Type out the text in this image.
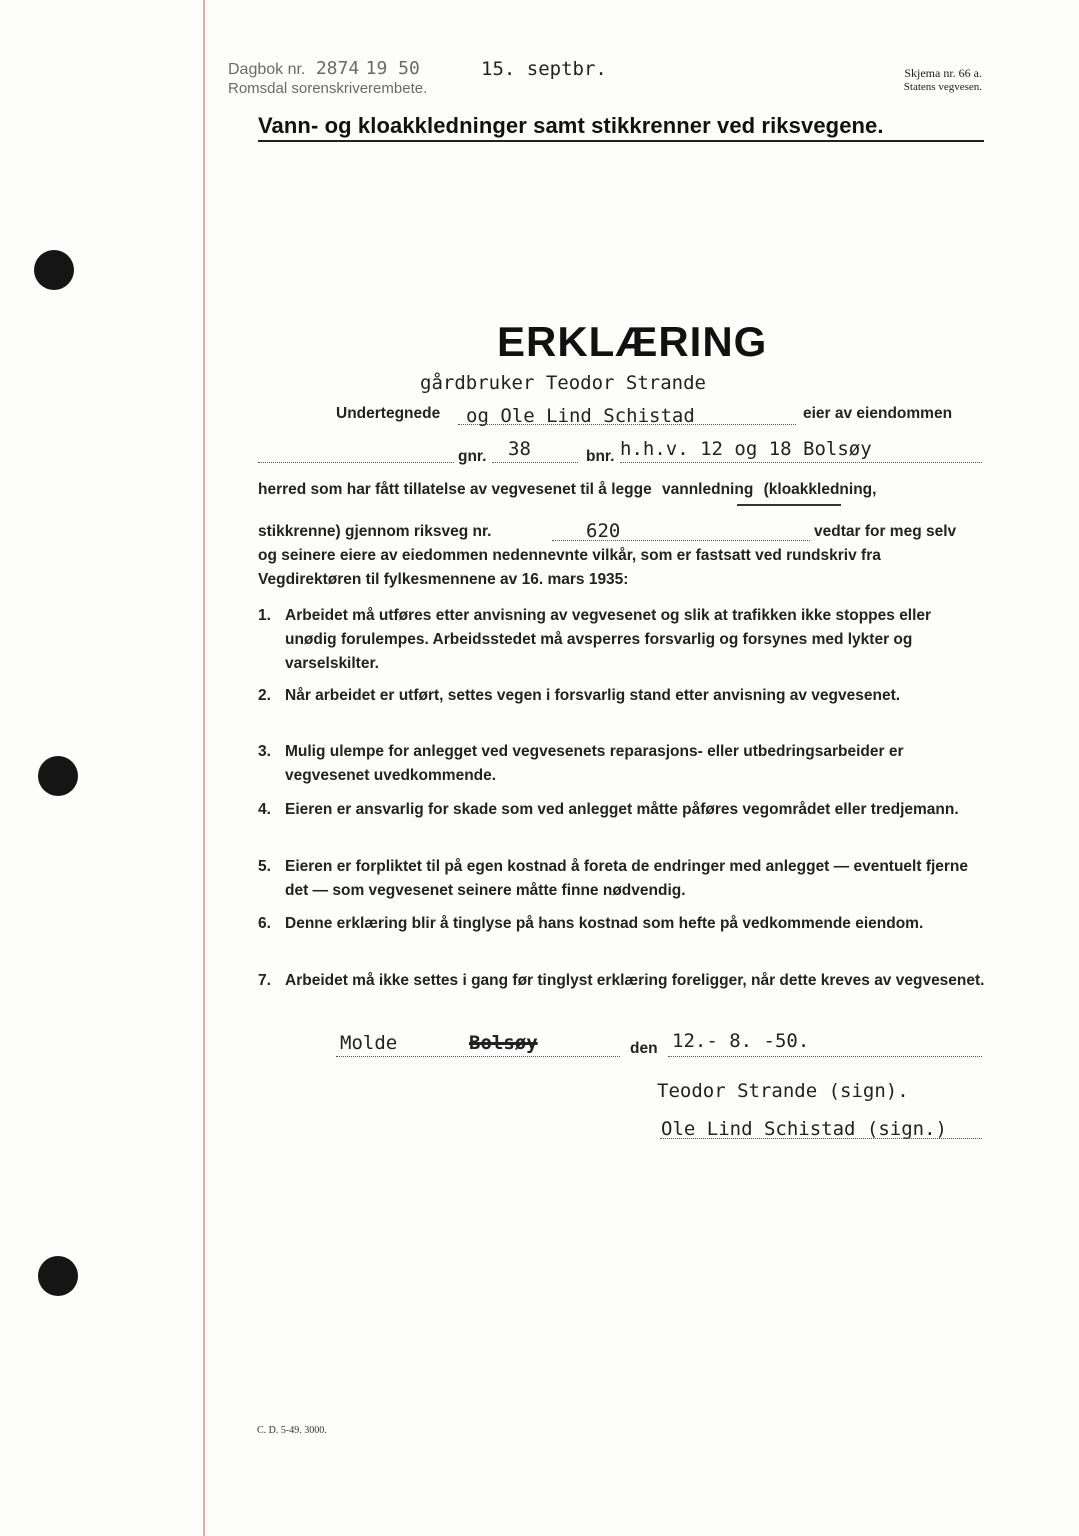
Dagbok nr. 2874 19 50	15. septbr.
Romsdal sorenskriverembete.
Skjema nr. 66 a.
Statens vegvesen.
Vann- og kloakkledninger samt stikkrenner ved riksvegene.
ERKLÆRING
gårdbruker Teodor Strande
Undertegnede og Ole Lind Schistad	eier av eiendommen
gnr. 38	bnr. h.h.v. 12 og 18 Bolsøy
herred som har fått tillatelse av vegvesenet til å legge vannledning (kloakkledning,
stikkrenne) gjennom riksveg nr.	620	vedtar for meg selv
og seinere eiere av eiedommen nedennevnte vilkår, som er fastsatt ved rundskriv fra
Vegdirektøren til fylkesmennene av 16. mars 1935:
1. Arbeidet må utføres etter anvisning av vegvesenet og slik at trafikken ikke stoppes eller unødig forulempes. Arbeidsstedet må avsperres forsvarlig og forsynes med lykter og varselskilter.
2. Når arbeidet er utført, settes vegen i forsvarlig stand etter anvisning av vegvesenet.
3. Mulig ulempe for anlegget ved vegvesenets reparasjons- eller utbedringsarbeider er vegvesenet uvedkommende.
4. Eieren er ansvarlig for skade som ved anlegget måtte påføres vegområdet eller tredjemann.
5. Eieren er forpliktet til på egen kostnad å foreta de endringer med anlegget — eventuelt fjerne det — som vegvesenet seinere måtte finne nødvendig.
6. Denne erklæring blir å tinglyse på hans kostnad som hefte på vedkommende eiendom.
7. Arbeidet må ikke settes i gang før tinglyst erklæring foreligger, når dette kreves av vegvesenet.
Molde	Bolsøy	den 12.- 8. -50.
Teodor Strande (sign).
Ole Lind Schistad (sign.)
C. D. 5-49. 3000.
